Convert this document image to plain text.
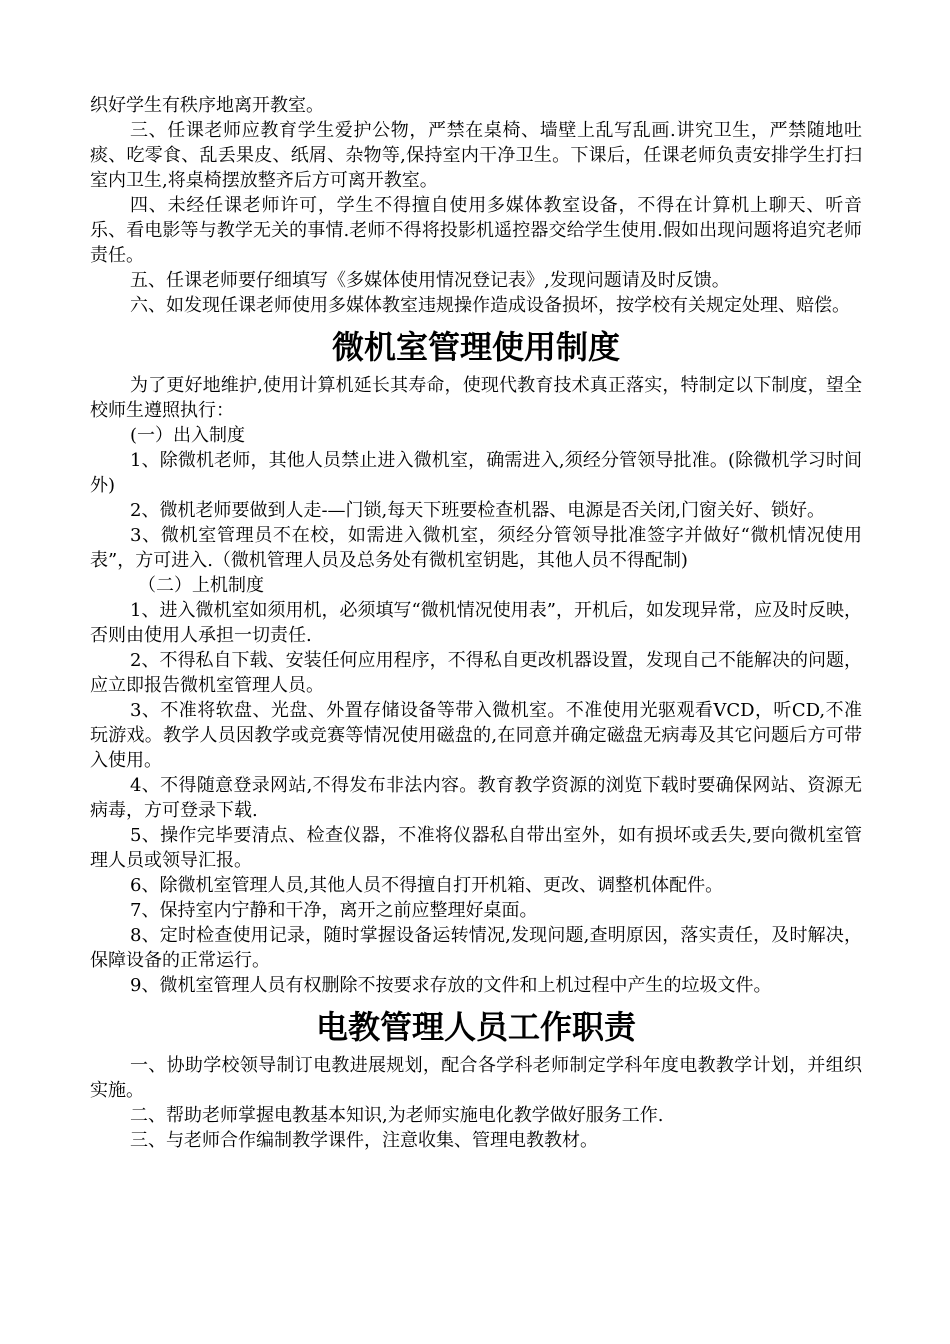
织好学生有秩序地离开教室。

三、任课老师应教育学生爱护公物，严禁在桌椅、墙壁上乱写乱画.讲究卫生，严禁随地吐痰、吃零食、乱丢果皮、纸屑、杂物等,保持室内干净卫生。下课后，任课老师负责安排学生打扫室内卫生,将桌椅摆放整齐后方可离开教室。

四、未经任课老师许可，学生不得擅自使用多媒体教室设备，不得在计算机上聊天、听音乐、看电影等与教学无关的事情.老师不得将投影机遥控器交给学生使用.假如出现问题将追究老师责任。

五、任课老师要仔细填写《多媒体使用情况登记表》,发现问题请及时反馈。

六、如发现任课老师使用多媒体教室违规操作造成设备损坏，按学校有关规定处理、赔偿。

微机室管理使用制度

为了更好地维护,使用计算机延长其寿命，使现代教育技术真正落实，特制定以下制度，望全校师生遵照执行：

(一）出入制度

1、除微机老师，其他人员禁止进入微机室，确需进入,须经分管领导批准。(除微机学习时间外)

2、微机老师要做到人走-—门锁,每天下班要检查机器、电源是否关闭,门窗关好、锁好。

3、微机室管理员不在校，如需进入微机室，须经分管领导批准签字并做好“微机情况使用表”，方可进入.（微机管理人员及总务处有微机室钥匙，其他人员不得配制)

（二）上机制度

1、进入微机室如须用机，必须填写“微机情况使用表”，开机后，如发现异常，应及时反映，否则由使用人承担一切责任.

2、不得私自下载、安装任何应用程序，不得私自更改机器设置，发现自己不能解决的问题，应立即报告微机室管理人员。

3、不准将软盘、光盘、外置存储设备等带入微机室。不准使用光驱观看VCD，听CD,不准玩游戏。教学人员因教学或竞赛等情况使用磁盘的,在同意并确定磁盘无病毒及其它问题后方可带入使用。

4、不得随意登录网站,不得发布非法内容。教育教学资源的浏览下载时要确保网站、资源无病毒，方可登录下载.

5、操作完毕要清点、检查仪器，不准将仪器私自带出室外，如有损坏或丢失,要向微机室管理人员或领导汇报。

6、除微机室管理人员,其他人员不得擅自打开机箱、更改、调整机体配件。

7、保持室内宁静和干净，离开之前应整理好桌面。

8、定时检查使用记录，随时掌握设备运转情况,发现问题,查明原因，落实责任，及时解决，保障设备的正常运行。

9、微机室管理人员有权删除不按要求存放的文件和上机过程中产生的垃圾文件。

电教管理人员工作职责

一、协助学校领导制订电教进展规划，配合各学科老师制定学科年度电教教学计划，并组织实施。

二、帮助老师掌握电教基本知识,为老师实施电化教学做好服务工作.

三、与老师合作编制教学课件，注意收集、管理电教教材。
